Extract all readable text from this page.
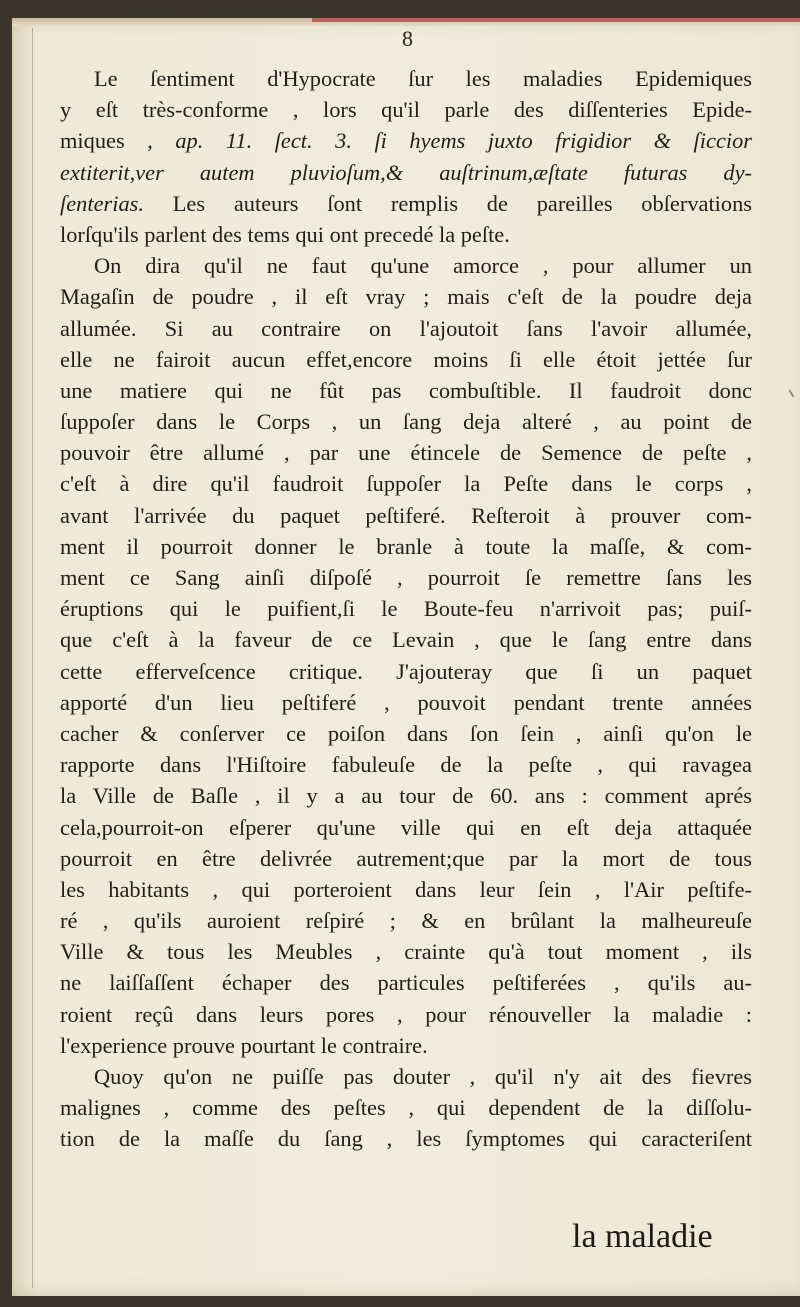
8
Le ſentiment d'Hypocrate ſur les maladies Epidemiques
y eſt très-conforme , lors qu'il parle des diſſenteries Epide-
miques , ap. 11. ſect. 3. ſi hyems juxto frigidior & ſiccior
extiterit,ver autem pluvioſum,& auſtrinum,æſtate futuras dy-
ſenterias. Les auteurs ſont remplis de pareilles obſervations
lorſqu'ils parlent des tems qui ont precedé la peſte.
On dira qu'il ne faut qu'une amorce , pour allumer un
Magaſin de poudre , il eſt vray ; mais c'eſt de la poudre deja
allumée. Si au contraire on l'ajoutoit ſans l'avoir allumée,
elle ne fairoit aucun effet,encore moins ſi elle étoit jettée ſur
une matiere qui ne fût pas combuſtible. Il faudroit donc
ſuppoſer dans le Corps , un ſang deja alteré , au point de
pouvoir être allumé , par une étincele de Semence de peſte ,
c'eſt à dire qu'il faudroit ſuppoſer la Peſte dans le corps ,
avant l'arrivée du paquet peſtiferé. Reſteroit à prouver com-
ment il pourroit donner le branle à toute la maſſe, & com-
ment ce Sang ainſi diſpoſé , pourroit ſe remettre ſans les
éruptions qui le puifient,ſi le Boute-feu n'arrivoit pas; puiſ-
que c'eſt à la faveur de ce Levain , que le ſang entre dans
cette efferveſcence critique. J'ajouteray que ſi un paquet
apporté d'un lieu peſtiferé , pouvoit pendant trente années
cacher & conſerver ce poiſon dans ſon ſein , ainſi qu'on le
rapporte dans l'Hiſtoire fabuleuſe de la peſte , qui ravagea
la Ville de Baſle , il y a au tour de 60. ans : comment aprés
cela,pourroit-on eſperer qu'une ville qui en eſt deja attaquée
pourroit en être delivrée autrement;que par la mort de tous
les habitants , qui porteroient dans leur ſein , l'Air peſtife-
ré , qu'ils auroient reſpiré ; & en brûlant la malheureuſe
Ville & tous les Meubles , crainte qu'à tout moment , ils
ne laiſſaſſent échaper des particules peſtiferées , qu'ils au-
roient reçû dans leurs pores , pour rénouveller la maladie :
l'experience prouve pourtant le contraire.
Quoy qu'on ne puiſſe pas douter , qu'il n'y ait des fievres
malignes , comme des peſtes , qui dependent de la diſſolu-
tion de la maſſe du ſang , les ſymptomes qui caracteriſent
la maladie
